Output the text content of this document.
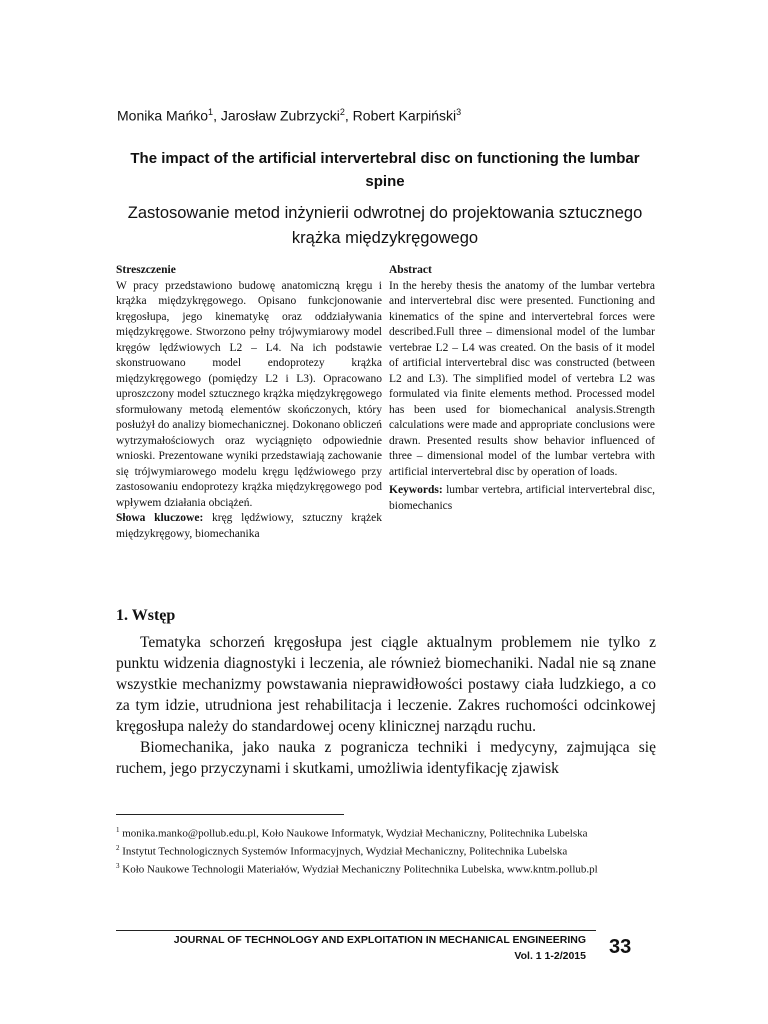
Monika Mańko$^1$, Jarosław Zubrzycki$^2$, Robert Karpiński$^3$
The impact of the artificial intervertebral disc on functioning the lumbar spine
Zastosowanie metod inżynierii odwrotnej do projektowania sztucznego krążka międzykręgowego
Streszczenie

W pracy przedstawiono budowę anatomiczną kręgu i krążka międzykręgowego. Opisano funkcjonowanie kręgosłupa, jego kinematykę oraz oddziaływania międzykręgowe. Stworzono pełny trójwymiarowy model kręgów lędźwiowych L2 – L4. Na ich podstawie skonstruowano model endoprotezy krążka międzykręgowego (pomiędzy L2 i L3). Opracowano uproszczony model sztucznego krążka międzykręgowego sformułowany metodą elementów skończonych, który posłużył do analizy biomechanicznej. Dokonano obliczeń wytrzymałościowych oraz wyciągnięto odpowiednie wnioski. Prezentowane wyniki przedstawiają zachowanie się trójwymiarowego modelu kręgu lędźwiowego przy zastosowaniu endoprotezy krążka międzykręgowego pod wpływem działania obciążeń.

Słowa kluczowe: kręg lędźwiowy, sztuczny krążek międzykręgowy, biomechanika

Abstract

In the hereby thesis the anatomy of the lumbar vertebra and intervertebral disc were presented. Functioning and kinematics of the spine and intervertebral forces were described.Full three – dimensional model of the lumbar vertebrae L2 – L4 was created. On the basis of it model of artificial intervertebral disc was constructed (between L2 and L3). The simplified model of vertebra L2 was formulated via finite elements method. Processed model has been used for biomechanical analysis.Strength calculations were made and appropriate conclusions were drawn. Presented results show behavior influenced of three – dimensional model of the lumbar vertebra with artificial intervertebral disc by operation of loads.

Keywords: lumbar vertebra, artificial intervertebral disc, biomechanics

1. Wstęp

Tematyka schorzeń kręgosłupa jest ciągle aktualnym problemem nie tylko z punktu widzenia diagnostyki i leczenia, ale również biomechaniki. Nadal nie są znane wszystkie mechanizmy powstawania nieprawidłowości postawy ciała ludzkiego, a co za tym idzie, utrudniona jest rehabilitacja i leczenie. Zakres ruchomości odcinkowej kręgosłupa należy do standardowej oceny klinicznej narządu ruchu.

Biomechanika, jako nauka z pogranicza techniki i medycyny, zajmująca się ruchem, jego przyczynami i skutkami, umożliwia identyfikację zjawisk

$^1$ monika.manko@pollub.edu.pl, Koło Naukowe Informatyk, Wydział Mechaniczny, Politechnika Lubelska
$^2$ Instytut Technologicznych Systemów Informacyjnych, Wydział Mechaniczny, Politechnika Lubelska
$^3$ Koło Naukowe Technologii Materiałów, Wydział Mechaniczny Politechnika Lubelska, www.kntm.pollub.pl
JOURNAL OF TECHNOLOGY AND EXPLOITATION IN MECHANICAL ENGINEERING
Vol. 1 1-2/2015 33
